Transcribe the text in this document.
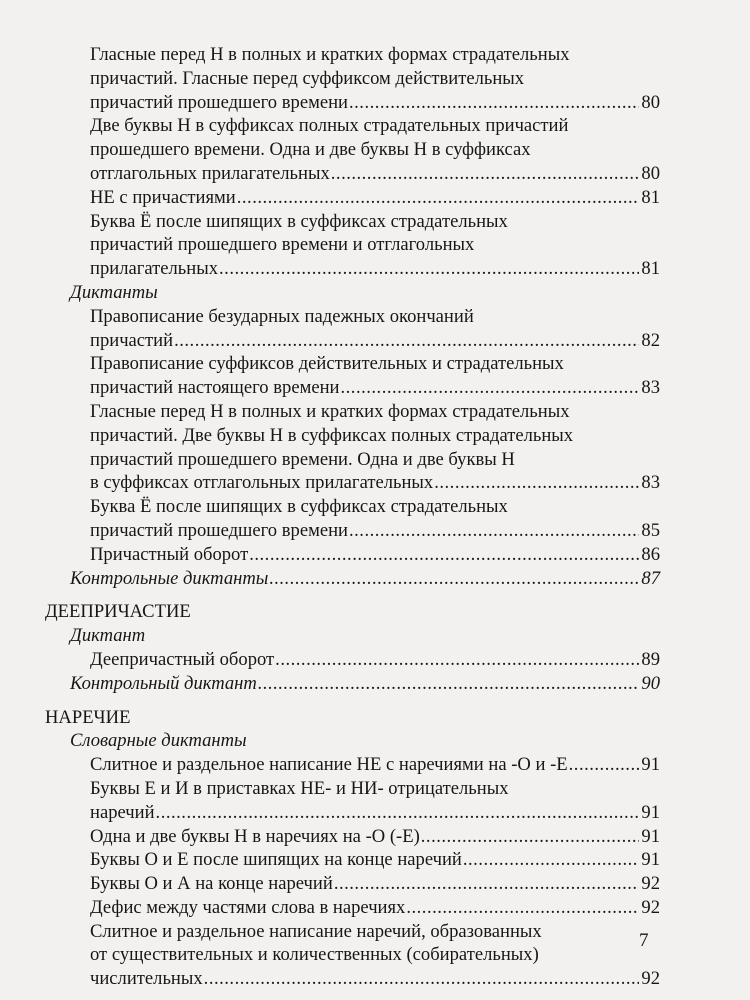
Гласные перед Н в полных и кратких формах страдательных
причастий. Гласные перед суффиксом действительных
причастий прошедшего времени .....	80
Две буквы Н в суффиксах полных страдательных причастий
прошедшего времени. Одна и две буквы Н в суффиксах
отглагольных прилагательных .....	80
НЕ с причастиями .....	81
Буква Ё после шипящих в суффиксах страдательных
причастий прошедшего времени и отглагольных
прилагательных .....	81
Диктанты
Правописание безударных падежных окончаний
причастий .....	82
Правописание суффиксов действительных и страдательных
причастий настоящего времени .....	83
Гласные перед Н в полных и кратких формах страдательных
причастий. Две буквы Н в суффиксах полных страдательных
причастий прошедшего времени. Одна и две буквы Н
в суффиксах отглагольных прилагательных .....	83
Буква Ё после шипящих в суффиксах страдательных
причастий прошедшего времени .....	85
Причастный оборот .....	86
Контрольные диктанты .....	87
ДЕЕПРИЧАСТИЕ
Диктант
Деепричастный оборот .....	89
Контрольный диктант .....	90
НАРЕЧИЕ
Словарные диктанты
Слитное и раздельное написание НЕ с наречиями на -О и -Е .....	91
Буквы Е и И в приставках НЕ- и НИ- отрицательных
наречий .....	91
Одна и две буквы Н в наречиях на -О (-Е) .....	91
Буквы О и Е после шипящих на конце наречий .....	91
Буквы О и А на конце наречий .....	92
Дефис между частями слова в наречиях .....	92
Слитное и раздельное написание наречий, образованных
от существительных и количественных (собирательных)
числительных .....	92
7
